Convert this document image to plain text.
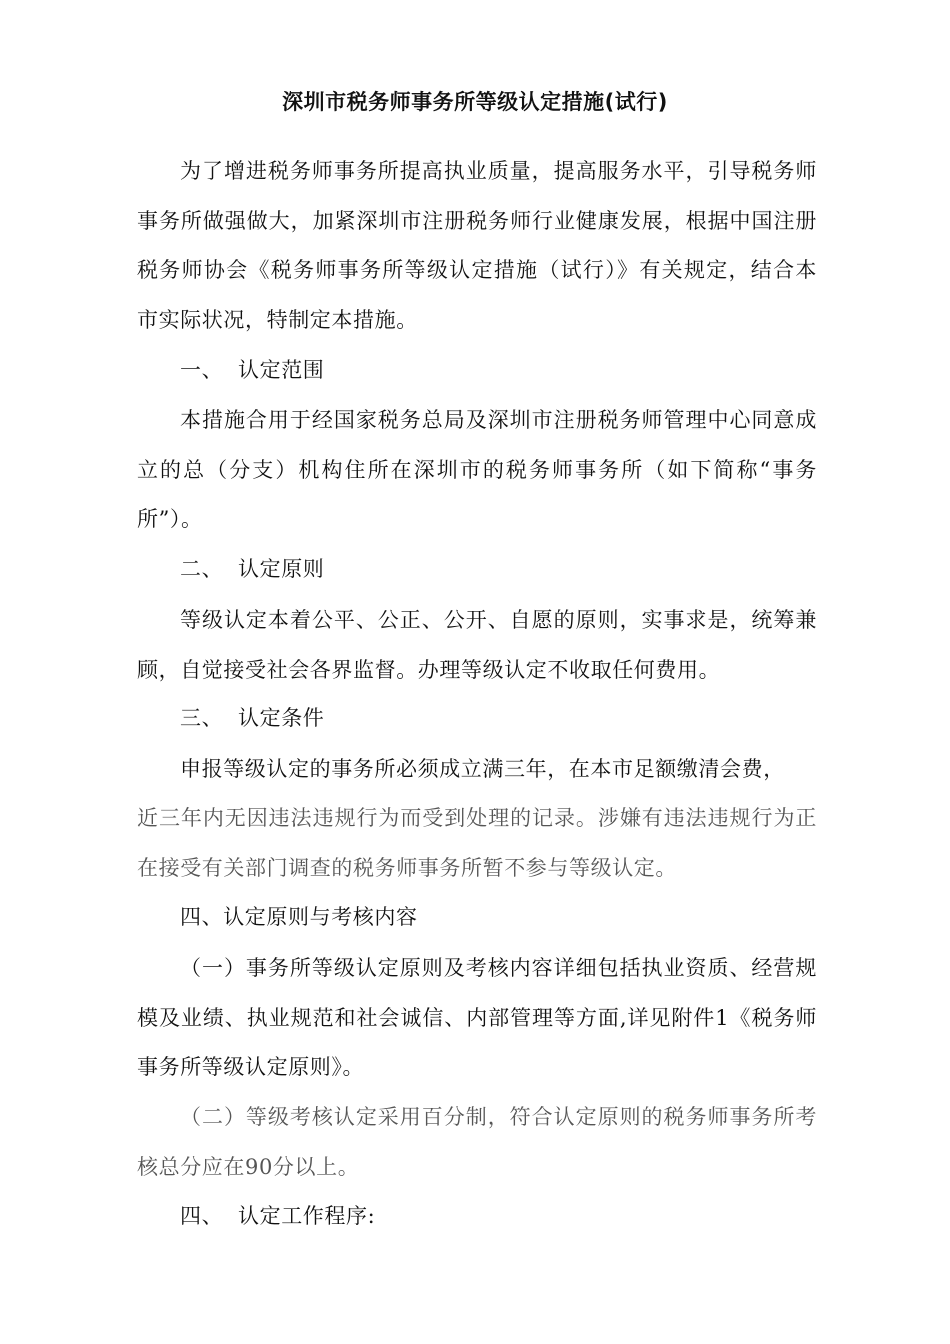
深圳市税务师事务所等级认定措施(试行)

为了增进税务师事务所提高执业质量，提高服务水平，引导税务师事务所做强做大，加紧深圳市注册税务师行业健康发展，根据中国注册税务师协会《税务师事务所等级认定措施（试行）》有关规定，结合本市实际状况，特制定本措施。

一、 认定范围

本措施合用于经国家税务总局及深圳市注册税务师管理中心同意成立的总（分支）机构住所在深圳市的税务师事务所（如下简称“事务所”）。

二、 认定原则

等级认定本着公平、公正、公开、自愿的原则，实事求是，统筹兼顾，自觉接受社会各界监督。办理等级认定不收取任何费用。

三、 认定条件

申报等级认定的事务所必须成立满三年，在本市足额缴清会费，

近三年内无因违法违规行为而受到处理的记录。涉嫌有违法违规行为正在接受有关部门调查的税务师事务所暂不参与等级认定。

四、认定原则与考核内容

（一）事务所等级认定原则及考核内容详细包括执业资质、经营规模及业绩、执业规范和社会诚信、内部管理等方面,详见附件1《税务师事务所等级认定原则》。

（二）等级考核认定采用百分制，符合认定原则的税务师事务所考核总分应在90分以上。

四、 认定工作程序:
